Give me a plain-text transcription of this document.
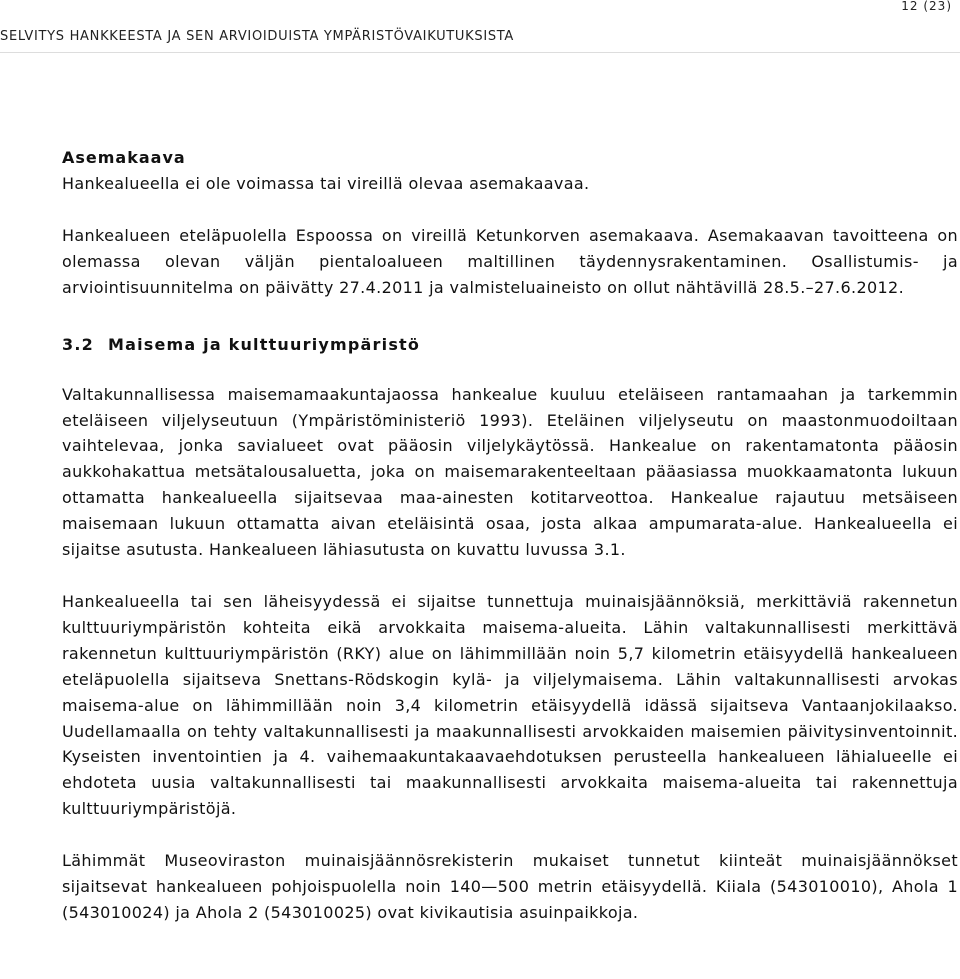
12 (23)
SELVITYS HANKKEESTA JA SEN ARVIOIDUISTA YMPÄRISTÖVAIKUTUKSISTA
Asemakaava

Hankealueella ei ole voimassa tai vireillä olevaa asemakaavaa.

Hankealueen eteläpuolella Espoossa on vireillä Ketunkorven asemakaava. Asemakaavan tavoitteena on olemassa olevan väljän pientaloalueen maltillinen täydennysrakentaminen. Osallistumis- ja arviointisuunnitelma on päivätty 27.4.2011 ja valmisteluaineisto on ollut nähtävillä 28.5.–27.6.2012.

3.2 Maisema ja kulttuuriympäristö

Valtakunnallisessa maisemamaakuntajaossa hankealue kuuluu eteläiseen rantamaahan ja tarkemmin eteläiseen viljelyseutuun (Ympäristöministeriö 1993). Eteläinen viljelyseutu on maastonmuodoiltaan vaihtelevaa, jonka savialueet ovat pääosin viljelykäytössä. Hankealue on rakentamatonta pääosin aukkohakattua metsätalousaluetta, joka on maisemarakenteeltaan pääasiassa muokkaamatonta lukuun ottamatta hankealueella sijaitsevaa maa-ainesten kotitarveottoa. Hankealue rajautuu metsäiseen maisemaan lukuun ottamatta aivan eteläisintä osaa, josta alkaa ampumarata-alue. Hankealueella ei sijaitse asutusta. Hankealueen lähiasutusta on kuvattu luvussa 3.1.

Hankealueella tai sen läheisyydessä ei sijaitse tunnettuja muinaisjäännöksiä, merkittäviä rakennetun kulttuuriympäristön kohteita eikä arvokkaita maisema-alueita. Lähin valtakunnallisesti merkittävä rakennetun kulttuuriympäristön (RKY) alue on lähimmillään noin 5,7 kilometrin etäisyydellä hankealueen eteläpuolella sijaitseva Snettans-Rödskogin kylä- ja viljelymaisema. Lähin valtakunnallisesti arvokas maisema-alue on lähimmillään noin 3,4 kilometrin etäisyydellä idässä sijaitseva Vantaanjokilaakso. Uudellamaalla on tehty valtakunnallisesti ja maakunnallisesti arvokkaiden maisemien päivitysinventoinnit. Kyseisten inventointien ja 4. vaihemaakuntakaavaehdotuksen perusteella hankealueen lähialueelle ei ehdoteta uusia valtakunnallisesti tai maakunnallisesti arvokkaita maisema-alueita tai rakennettuja kulttuuriympäristöjä.

Lähimmät Museoviraston muinaisjäännösrekisterin mukaiset tunnetut kiinteät muinaisjäännökset sijaitsevat hankealueen pohjoispuolella noin 140—500 metrin etäisyydellä. Kiiala (543010010), Ahola 1 (543010024) ja Ahola 2 (543010025) ovat kivikautisia asuinpaikkoja.
